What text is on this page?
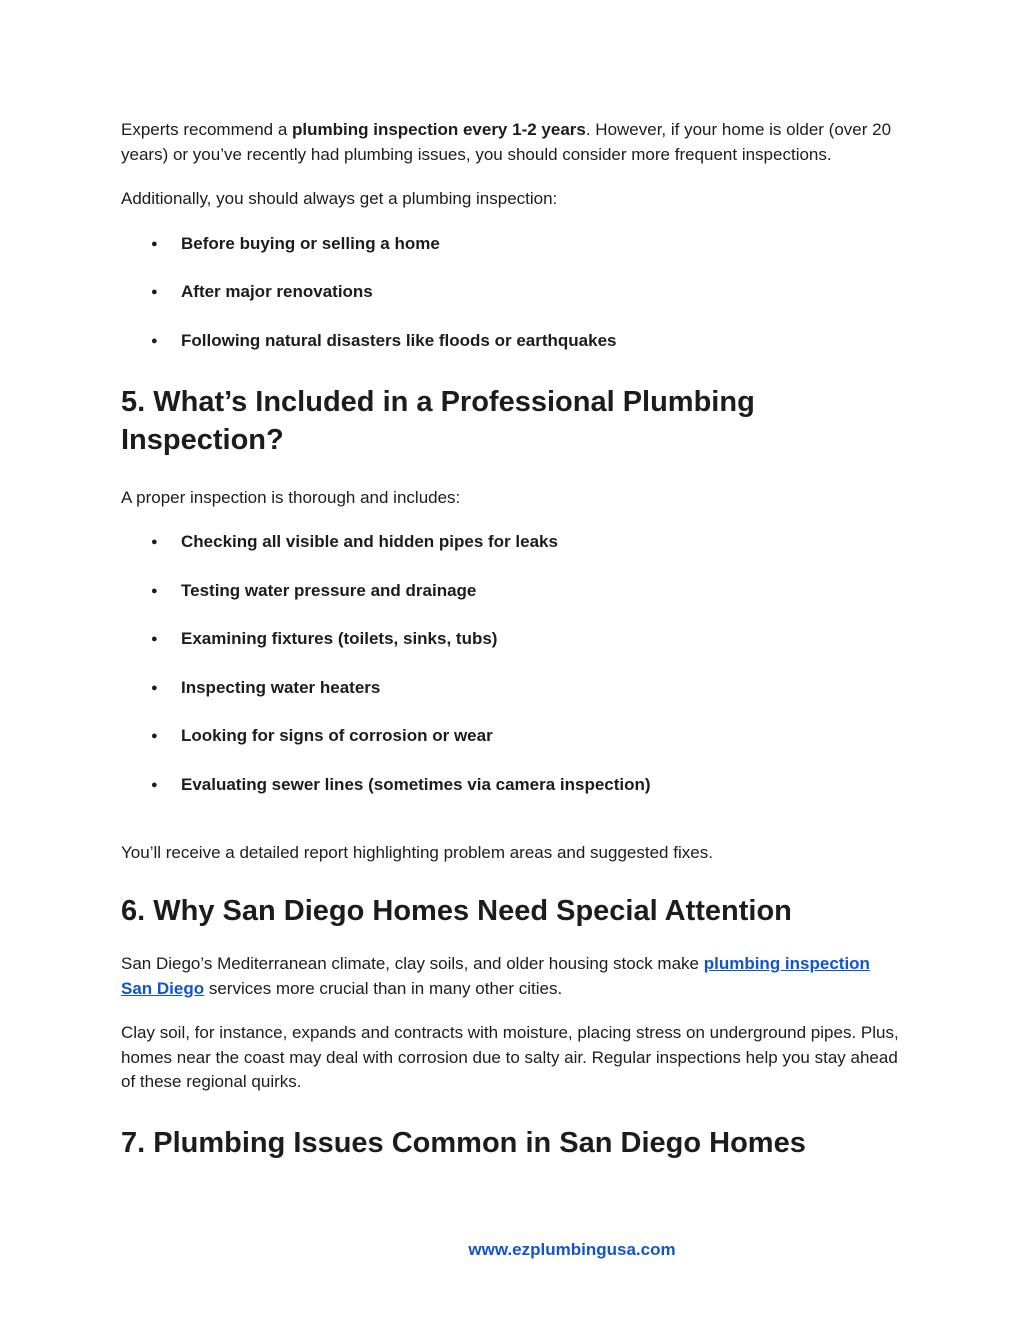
Experts recommend a plumbing inspection every 1-2 years. However, if your home is older (over 20 years) or you’ve recently had plumbing issues, you should consider more frequent inspections.

Additionally, you should always get a plumbing inspection:

● Before buying or selling a home
● After major renovations
● Following natural disasters like floods or earthquakes
5. What’s Included in a Professional Plumbing Inspection?

A proper inspection is thorough and includes:

● Checking all visible and hidden pipes for leaks
● Testing water pressure and drainage
● Examining fixtures (toilets, sinks, tubs)
● Inspecting water heaters
● Looking for signs of corrosion or wear
● Evaluating sewer lines (sometimes via camera inspection)

You’ll receive a detailed report highlighting problem areas and suggested fixes.

6. Why San Diego Homes Need Special Attention

San Diego’s Mediterranean climate, clay soils, and older housing stock make plumbing inspection San Diego services more crucial than in many other cities.

Clay soil, for instance, expands and contracts with moisture, placing stress on underground pipes. Plus, homes near the coast may deal with corrosion due to salty air. Regular inspections help you stay ahead of these regional quirks.

7. Plumbing Issues Common in San Diego Homes
www.ezplumbingusa.com
